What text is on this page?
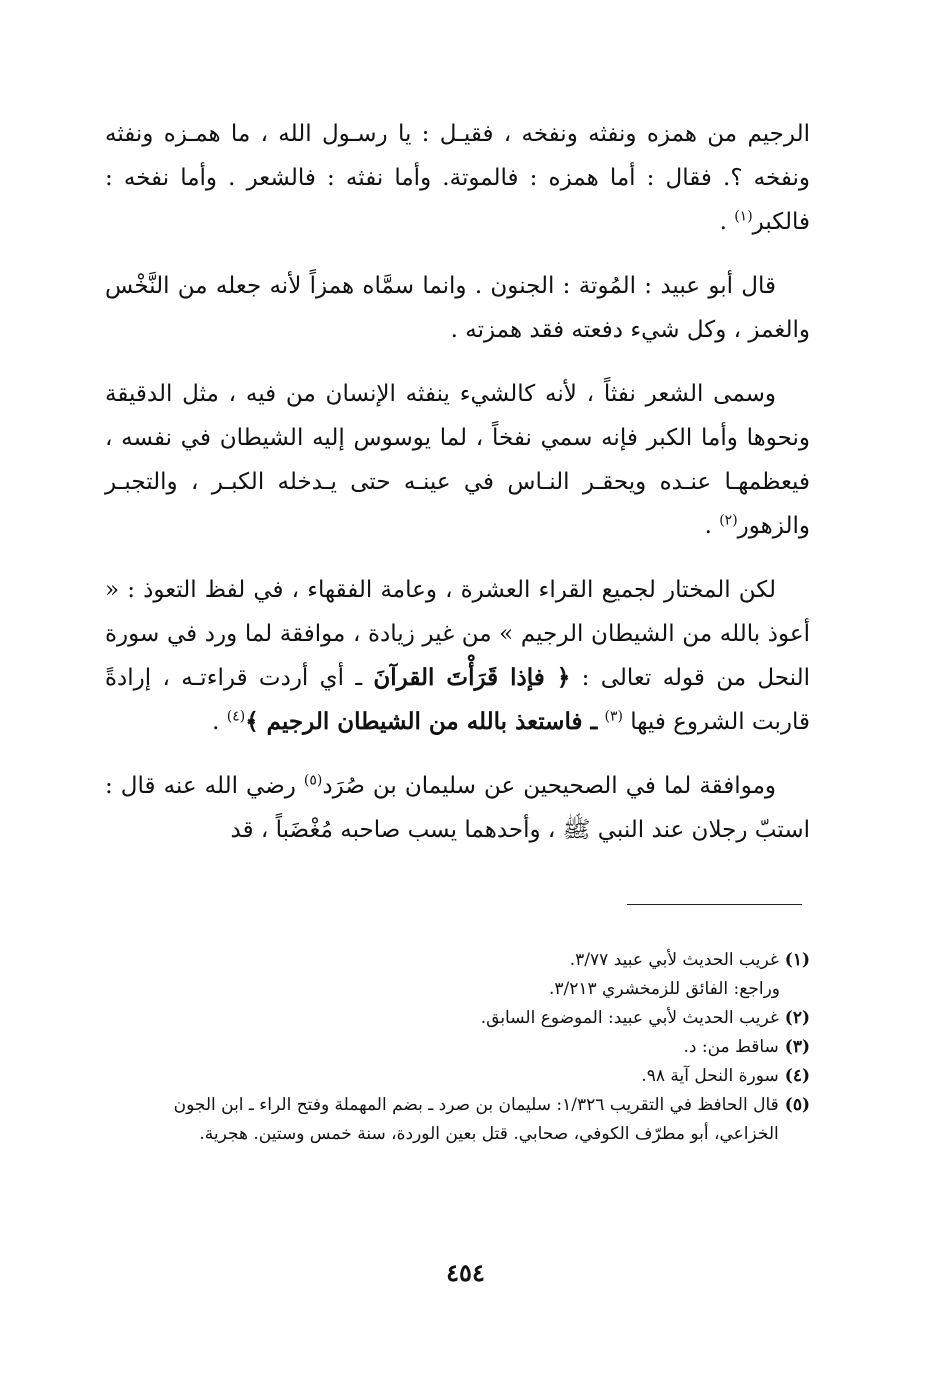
الرجيم من همزه ونفثه ونفخه ، فقيـل : يا رسـول الله ، ما همـزه ونفثه ونفخه ؟. فقال : أما همزه : فالموتة. وأما نفثه : فالشعر . وأما نفخه : فالكبر$^{(١)}$ .

قال أبو عبيد : المُوتة : الجنون . وانما سمَّاه همزاً لأنه جعله من النَّخْس والغمز ، وكل شيء دفعته فقد همزته .

وسمى الشعر نفثاً ، لأنه كالشيء ينفثه الإنسان من فيه ، مثل الدقيقة ونحوها وأما الكبر فإنه سمي نفخاً ، لما يوسوس إليه الشيطان في نفسه ، فيعظمهـا عنـده ويحقـر النـاس في عينـه حتى يـدخله الكبـر ، والتجبـر والزهور$^{(٢)}$ .

لكن المختار لجميع القراء العشرة ، وعامة الفقهاء ، في لفظ التعوذ : « أعوذ بالله من الشيطان الرجيم » من غير زيادة ، موافقة لما ورد في سورة النحل من قوله تعالى : ﴿ فإذا قَرَأْتَ القرآنَ ـ أي أردت قراءتـه ، إرادةً قاربت الشروع فيها $^{(٣)}$ ـ فاستعذ بالله من الشيطان الرجيم ﴾$^{(٤)}$ .

وموافقة لما في الصحيحين عن سليمان بن صُرَد$^{(٥)}$ رضي الله عنه قال : استبّ رجلان عند النبي ﷺ ، وأحدهما يسب صاحبه مُغْضَباً ، قد

(١)
غريب الحديث لأبي عبيد ٣/٧٧.
وراجع: الفائق للزمخشري ٣/٢١٣.
(٢)
غريب الحديث لأبي عبيد: الموضوع السابق.
(٣)
ساقط من: د.
(٤)
سورة النحل آية ٩٨.
(٥)
قال الحافظ في التقريب ١/٣٢٦: سليمان بن صرد ـ بضم المهملة وفتح الراء ـ ابن الجون الخزاعي، أبو مطرّف الكوفي، صحابي. قتل بعين الوردة، سنة خمس وستين. هجرية.
٤٥٤
